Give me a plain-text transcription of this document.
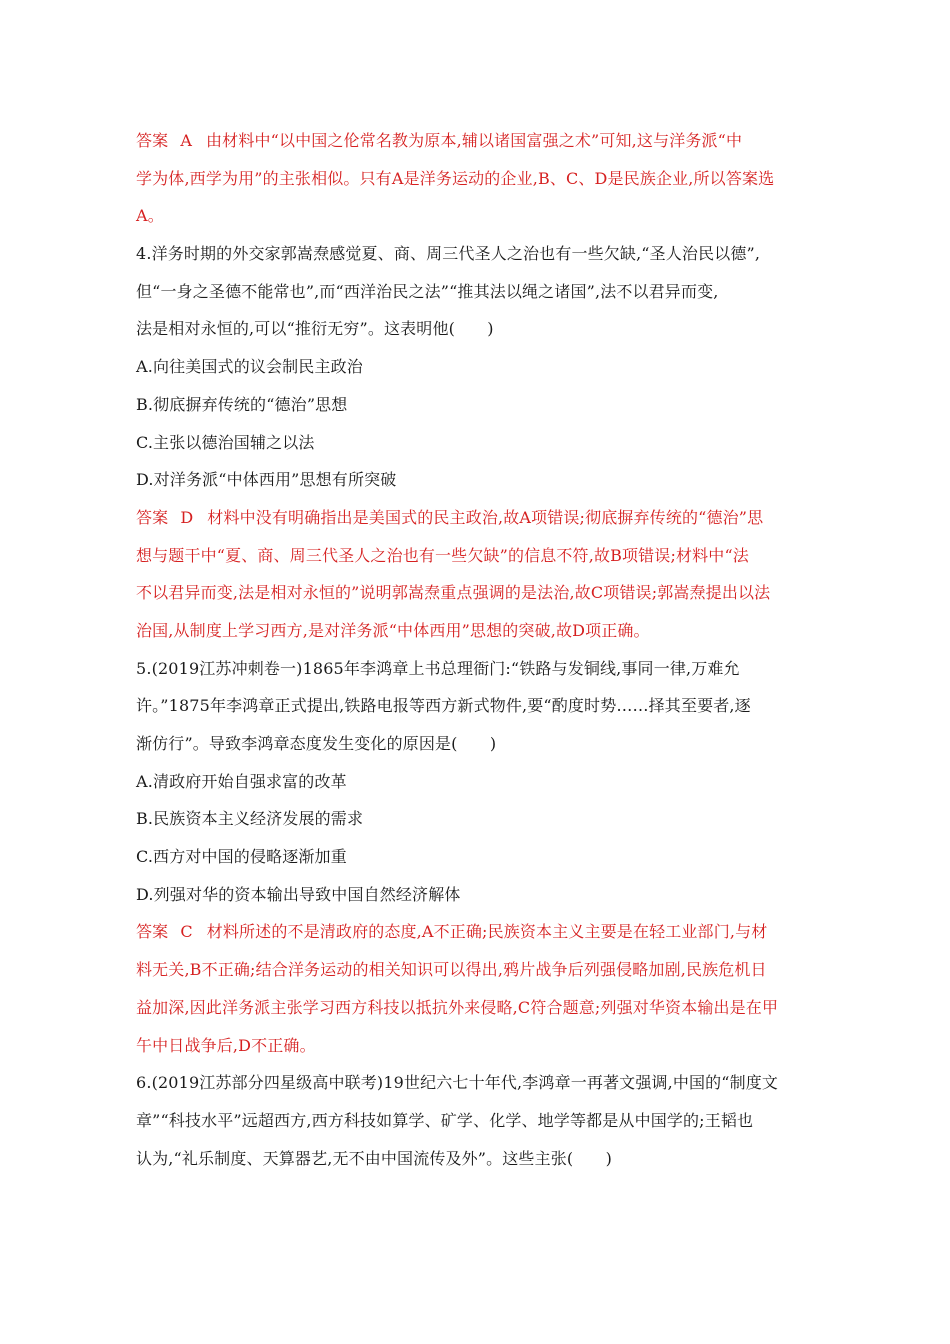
答案 A 由材料中“以中国之伦常名教为原本,辅以诸国富强之术”可知,这与洋务派“中
学为体,西学为用”的主张相似。只有A是洋务运动的企业,B、C、D是民族企业,所以答案选
A。
4.洋务时期的外交家郭嵩焘感觉夏、商、周三代圣人之治也有一些欠缺,“圣人治民以德”,
但“一身之圣德不能常也”,而“西洋治民之法”“推其法以绳之诸国”,法不以君异而变,
法是相对永恒的,可以“推衍无穷”。这表明他(　　)
A.向往美国式的议会制民主政治
B.彻底摒弃传统的“德治”思想
C.主张以德治国辅之以法
D.对洋务派“中体西用”思想有所突破
答案 D 材料中没有明确指出是美国式的民主政治,故A项错误;彻底摒弃传统的“德治”思
想与题干中“夏、商、周三代圣人之治也有一些欠缺”的信息不符,故B项错误;材料中“法
不以君异而变,法是相对永恒的”说明郭嵩焘重点强调的是法治,故C项错误;郭嵩焘提出以法
治国,从制度上学习西方,是对洋务派“中体西用”思想的突破,故D项正确。
5.(2019江苏冲刺卷一)1865年李鸿章上书总理衙门:“铁路与发铜线,事同一律,万难允
许。”1875年李鸿章正式提出,铁路电报等西方新式物件,要“酌度时势……择其至要者,逐
渐仿行”。导致李鸿章态度发生变化的原因是(　　)
A.清政府开始自强求富的改革
B.民族资本主义经济发展的需求
C.西方对中国的侵略逐渐加重
D.列强对华的资本输出导致中国自然经济解体
答案 C 材料所述的不是清政府的态度,A不正确;民族资本主义主要是在轻工业部门,与材
料无关,B不正确;结合洋务运动的相关知识可以得出,鸦片战争后列强侵略加剧,民族危机日
益加深,因此洋务派主张学习西方科技以抵抗外来侵略,C符合题意;列强对华资本输出是在甲
午中日战争后,D不正确。
6.(2019江苏部分四星级高中联考)19世纪六七十年代,李鸿章一再著文强调,中国的“制度文
章”“科技水平”远超西方,西方科技如算学、矿学、化学、地学等都是从中国学的;王韬也
认为,“礼乐制度、天算器艺,无不由中国流传及外”。这些主张(　　)
